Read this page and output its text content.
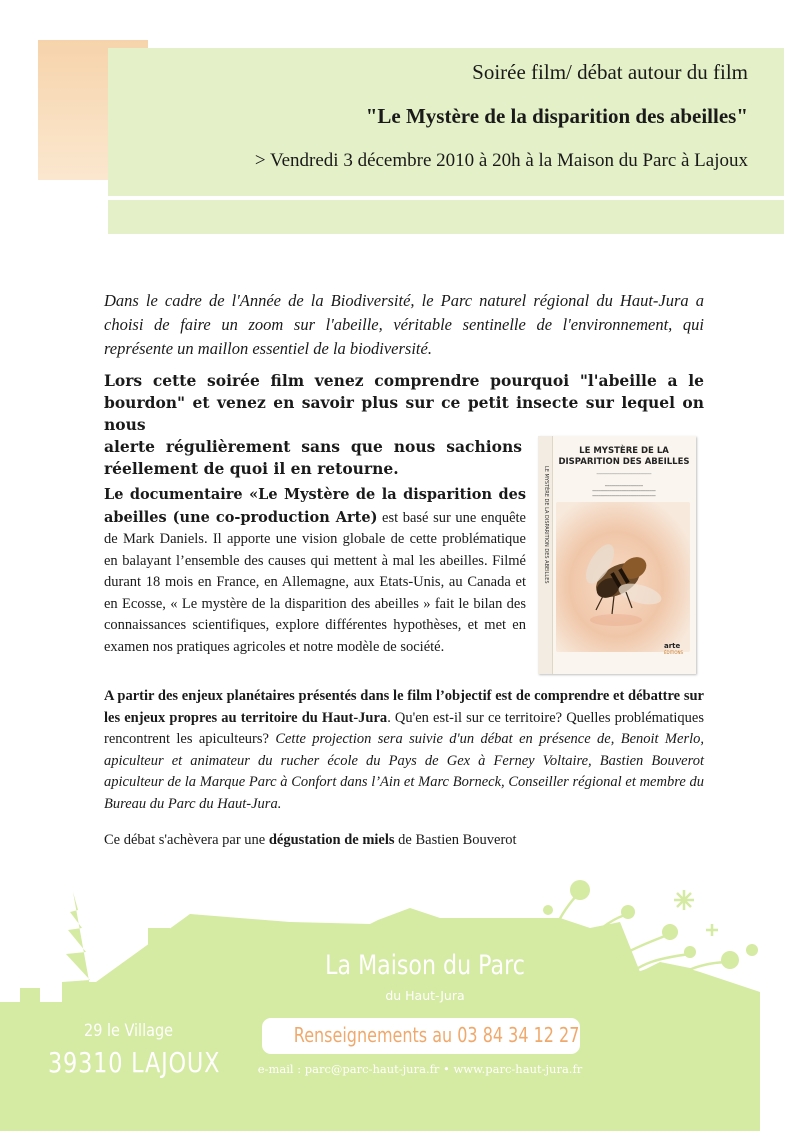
Soirée film/ débat autour du film
"Le Mystère de la disparition des abeilles"

> Vendredi 3 décembre 2010 à 20h à la Maison du Parc à Lajoux

Dans le cadre de l'Année de la Biodiversité, le Parc naturel régional du Haut-Jura a choisi de faire un zoom sur l'abeille, véritable sentinelle de l'environnement, qui représente un maillon essentiel de la biodiversité.

Lors cette soirée film venez comprendre pourquoi "l'abeille a le
bourdon" et venez en savoir plus sur ce petit insecte sur lequel on nous
alerte régulièrement sans que nous sachions
réellement de quoi il en retourne.

Le documentaire «Le Mystère de la disparition des abeilles (une co-production Arte) est basé sur une enquête de Mark Daniels. Il apporte une vision globale de cette problématique en balayant l’ensemble des causes qui mettent à mal les abeilles. Filmé durant 18 mois en France, en Allemagne, aux Etats-Unis, au Canada et en Ecosse, « Le mystère de la disparition des abeilles » fait le bilan des connaissances scientifiques, explore différentes hypothèses, et met en examen nos pratiques agricoles et notre modèle de société.

A partir des enjeux planétaires présentés dans le film l’objectif est de comprendre et débattre sur les enjeux propres au territoire du Haut-Jura. Qu'en est-il sur ce territoire? Quelles problématiques rencontrent les apiculteurs? Cette projection sera suivie d'un débat en présence de, Benoit Merlo, apiculteur et animateur du rucher école du Pays de Gex à Ferney Voltaire, Bastien Bouverot apiculteur de la Marque Parc à Confort dans l’Ain et Marc Borneck, Conseiller régional et membre du Bureau du Parc du Haut-Jura.

Ce débat s'achèvera par une dégustation de miels de Bastien Bouverot

LE MYSTÈRE DE LA DISPARITION DES ABEILLES
LE MYSTÈRE DE LA DISPARITION DES ABEILLES
━━━━━━━━━━━━━━━━━━━━━━━━━━
━━━━━━━━━━━━━━━━━━
━━━━━━━━━━━━━━━━━━━━━━━━━━━━━━
━━━━━━━━━━━━━━━━━━━━━━━━━━━━━━
arte
ÉDITIONS
La Maison du Parc
du Haut-Jura
29 le Village
39310 LAJOUX
Renseignements au 03 84 34 12 27
e-mail : parc@parc-haut-jura.fr • www.parc-haut-jura.fr
